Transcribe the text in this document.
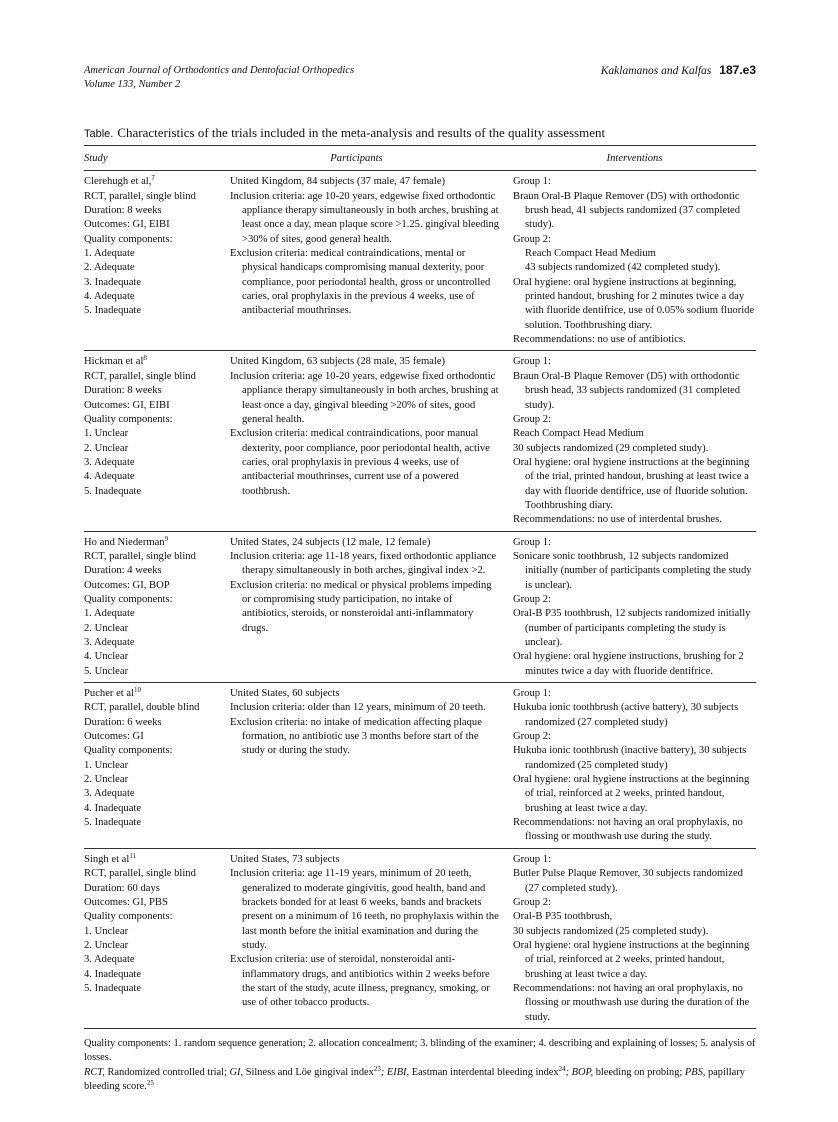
American Journal of Orthodontics and Dentofacial Orthopedics
Volume 133, Number 2
Kaklamanos and Kalfas 187.e3
Table. Characteristics of the trials included in the meta-analysis and results of the quality assessment
Study	Participants	Interventions
Clerehugh et al,$^7$
RCT, parallel, single blind
Duration: 8 weeks
Outcomes: GI, EIBI
Quality components:
1. Adequate
2. Adequate
3. Inadequate
4. Adequate
5. Inadequate
United Kingdom, 84 subjects (37 male, 47 female)
Inclusion criteria: age 10-20 years, edgewise fixed orthodontic appliance therapy simultaneously in both arches, brushing at least once a day, mean plaque score >1.25. gingival bleeding >30% of sites, good general health.
Exclusion criteria: medical contraindications, mental or physical handicaps compromising manual dexterity, poor compliance, poor periodontal health, gross or uncontrolled caries, oral prophylaxis in the previous 4 weeks, use of antibacterial mouthrinses.
Group 1:
Braun Oral-B Plaque Remover (D5) with orthodontic brush head, 41 subjects randomized (37 completed study).
Group 2:
Reach Compact Head Medium
43 subjects randomized (42 completed study).
Oral hygiene: oral hygiene instructions at beginning, printed handout, brushing for 2 minutes twice a day with fluoride dentifrice, use of 0.05% sodium fluoride solution. Toothbrushing diary.
Recommendations: no use of antibiotics.
Hickman et $al^8$
RCT, parallel, single blind
Duration: 8 weeks
Outcomes: GI, EIBI
Quality components:
1. Unclear
2. Unclear
3. Adequate
4. Adequate
5. Inadequate
United Kingdom, 63 subjects (28 male, 35 female)
Inclusion criteria: age 10-20 years, edgewise fixed orthodontic appliance therapy simultaneously in both arches, brushing at least once a day, gingival bleeding >20% of sites, good general health.
Exclusion criteria: medical contraindications, poor manual dexterity, poor compliance, poor periodontal health, active caries, oral prophylaxis in previous 4 weeks, use of antibacterial mouthrinses, current use of a powered toothbrush.
Group 1:
Braun Oral-B Plaque Remover (D5) with orthodontic brush head, 33 subjects randomized (31 completed study).
Group 2:
Reach Compact Head Medium
30 subjects randomized (29 completed study).
Oral hygiene: oral hygiene instructions at the beginning of the trial, printed handout, brushing at least twice a day with fluoride dentifrice, use of fluoride solution. Toothbrushing diary.
Recommendations: no use of interdental brushes.
Ho and Niederman$^9$
RCT, parallel, single blind
Duration: 4 weeks
Outcomes: GI, BOP
Quality components:
1. Adequate
2. Unclear
3. Adequate
4. Unclear
5. Unclear
United States, 24 subjects (12 male, 12 female)
Inclusion criteria: age 11-18 years, fixed orthodontic appliance therapy simultaneously in both arches, gingival index >2.
Exclusion criteria: no medical or physical problems impeding or compromising study participation, no intake of antibiotics, steroids, or nonsteroidal anti-inflammatory drugs.
Group 1:
Sonicare sonic toothbrush, 12 subjects randomized initially (number of participants completing the study is unclear).
Group 2:
Oral-B P35 toothbrush, 12 subjects randomized initially (number of participants completing the study is unclear).
Oral hygiene: oral hygiene instructions, brushing for 2 minutes twice a day with fluoride dentifrice.
Pucher et $al^{10}$
RCT, parallel, double blind
Duration: 6 weeks
Outcomes: GI
Quality components:
1. Unclear
2. Unclear
3. Adequate
4. Inadequate
5. Inadequate
United States, 60 subjects
Inclusion criteria: older than 12 years, minimum of 20 teeth.
Exclusion criteria: no intake of medication affecting plaque formation, no antibiotic use 3 months before start of the study or during the study.
Group 1:
Hukuba ionic toothbrush (active battery), 30 subjects randomized (27 completed study)
Group 2:
Hukuba ionic toothbrush (inactive battery), 30 subjects randomized (25 completed study)
Oral hygiene: oral hygiene instructions at the beginning of trial, reinforced at 2 weeks, printed handout, brushing at least twice a day.
Recommendations: not having an oral prophylaxis, no flossing or mouthwash use during the study.
Singh et $al^{11}$
RCT, parallel, single blind
Duration: 60 days
Outcomes: GI, PBS
Quality components:
1. Unclear
2. Unclear
3. Adequate
4. Inadequate
5. Inadequate
United States, 73 subjects
Inclusion criteria: age 11-19 years, minimum of 20 teeth, generalized to moderate gingivitis, good health, band and brackets bonded for at least 6 weeks, bands and brackets present on a minimum of 16 teeth, no prophylaxis within the last month before the initial examination and during the study.
Exclusion criteria: use of steroidal, nonsteroidal anti-inflammatory drugs, and antibiotics within 2 weeks before the start of the study, acute illness, pregnancy, smoking, or use of other tobacco products.
Group 1:
Butler Pulse Plaque Remover, 30 subjects randomized (27 completed study).
Group 2:
Oral-B P35 toothbrush,
30 subjects randomized (25 completed study).
Oral hygiene: oral hygiene instructions at the beginning of trial, reinforced at 2 weeks, printed handout, brushing at least twice a day.
Recommendations: not having an oral prophylaxis, no flossing or mouthwash use during the duration of the study.
Quality components: 1. random sequence generation; 2. allocation concealment; 3. blinding of the examiner; 4. describing and explaining of losses; 5. analysis of losses.
RCT, Randomized controlled trial; GI, Silness and Löe gingival index$^{23}$; EIBI, Eastman interdental bleeding index$^{24}$; BOP, bleeding on probing; PBS, papillary bleeding score.$^{25}$
